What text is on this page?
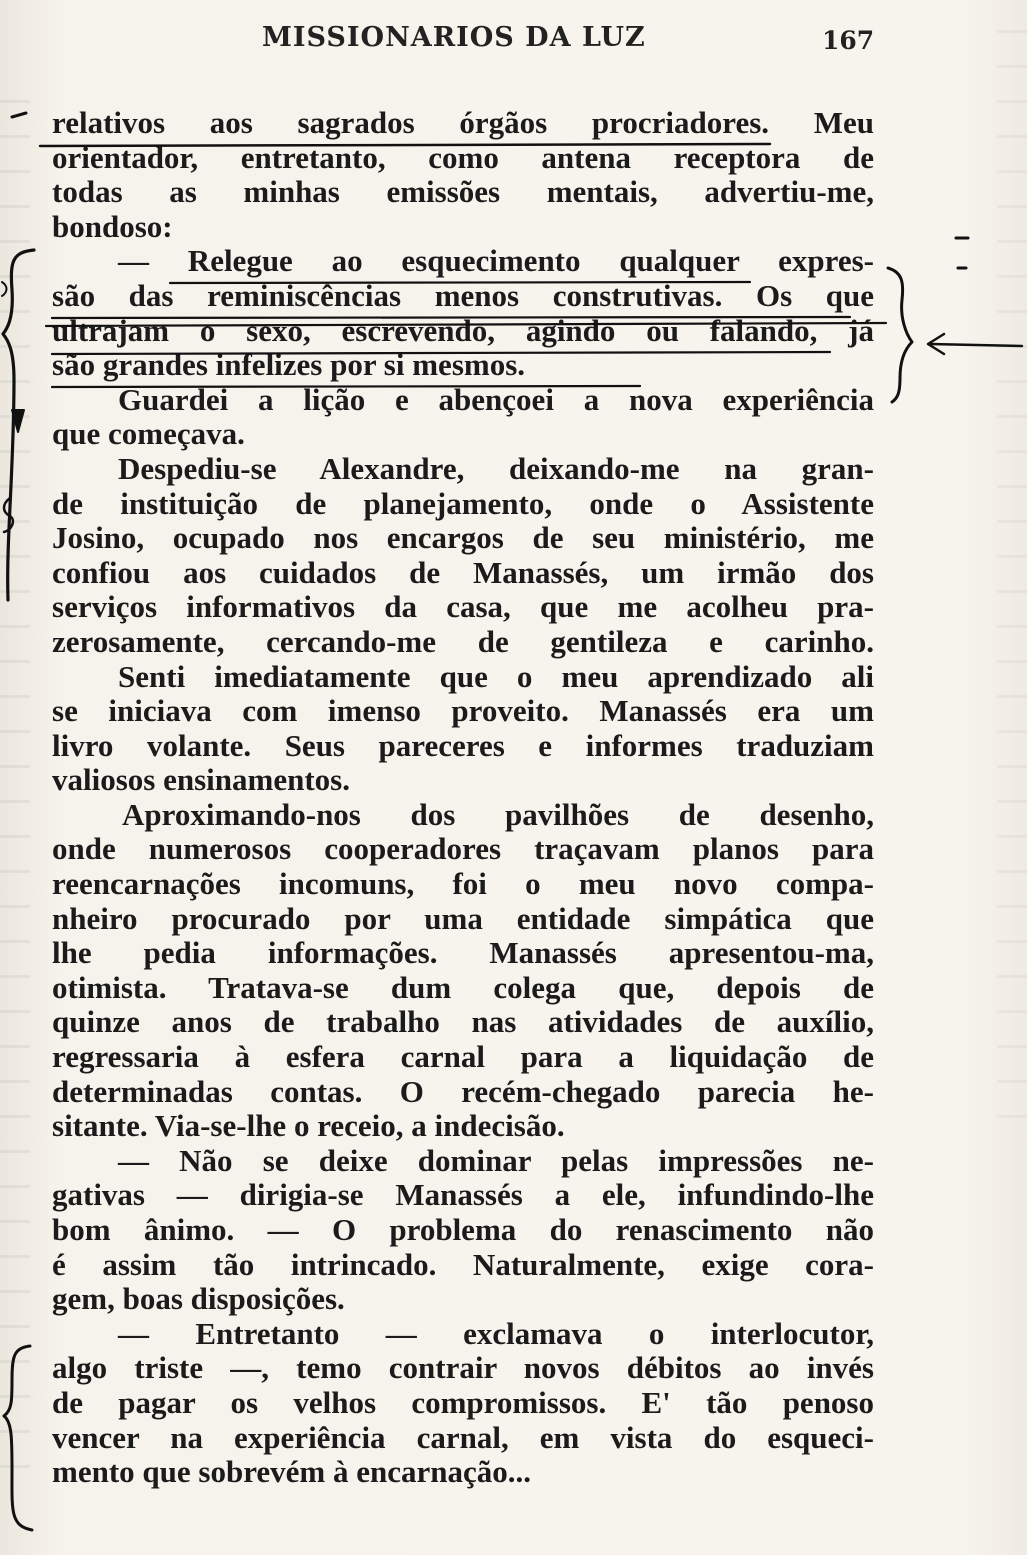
MISSIONARIOS DA LUZ	167
relativos aos sagrados órgãos procriadores. Meu
orientador, entretanto, como antena receptora de
todas as minhas emissões mentais, advertiu-me,
bondoso:
— Relegue ao esquecimento qualquer expres-
são das reminiscências menos construtivas. Os que
ultrajam o sexo, escrevendo, agindo ou falando, já
são grandes infelizes por si mesmos.
Guardei a lição e abençoei a nova experiência
que começava.
Despediu-se Alexandre, deixando-me na gran-
de instituição de planejamento, onde o Assistente
Josino, ocupado nos encargos de seu ministério, me
confiou aos cuidados de Manassés, um irmão dos
serviços informativos da casa, que me acolheu pra-
zerosamente, cercando-me de gentileza e carinho.
Senti imediatamente que o meu aprendizado ali
se iniciava com imenso proveito. Manassés era um
livro volante. Seus pareceres e informes traduziam
valiosos ensinamentos.
Aproximando-nos dos pavilhões de desenho,
onde numerosos cooperadores traçavam planos para
reencarnações incomuns, foi o meu novo compa-
nheiro procurado por uma entidade simpática que
lhe pedia informações. Manassés apresentou-ma,
otimista. Tratava-se dum colega que, depois de
quinze anos de trabalho nas atividades de auxílio,
regressaria à esfera carnal para a liquidação de
determinadas contas. O recém-chegado parecia he-
sitante. Via-se-lhe o receio, a indecisão.
— Não se deixe dominar pelas impressões ne-
gativas — dirigia-se Manassés a ele, infundindo-lhe
bom ânimo. — O problema do renascimento não
é assim tão intrincado. Naturalmente, exige cora-
gem, boas disposições.
— Entretanto — exclamava o interlocutor,
algo triste —, temo contrair novos débitos ao invés
de pagar os velhos compromissos. E' tão penoso
vencer na experiência carnal, em vista do esqueci-
mento que sobrevém à encarnação...
